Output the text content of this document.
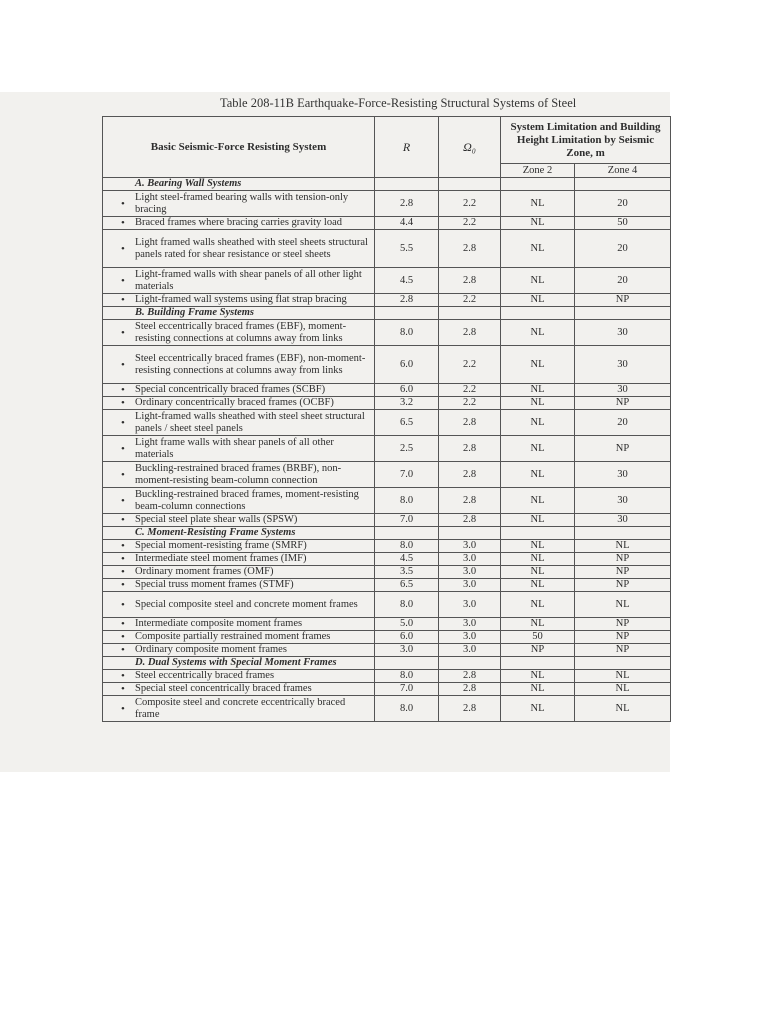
Table 208-11B Earthquake-Force-Resisting Structural Systems of Steel
Basic Seismic-Force Resisting System	R	Ω₀	System Limitation and Building Height Limitation by Seismic Zone, m	
			Zone 2	Zone 4
A. Bearing Wall Systems				
• Light steel-framed bearing walls with tension-only bracing	2.8	2.2	NL	20
• Braced frames where bracing carries gravity load	4.4	2.2	NL	50
• Light framed walls sheathed with steel sheets structural panels rated for shear resistance or steel sheets	5.5	2.8	NL	20
• Light-framed walls with shear panels of all other light materials	4.5	2.8	NL	20
• Light-framed wall systems using flat strap bracing	2.8	2.2	NL	NP
B. Building Frame Systems				
• Steel eccentrically braced frames (EBF), moment-resisting connections at columns away from links	8.0	2.8	NL	30
• Steel eccentrically braced frames (EBF), non-moment-resisting connections at columns away from links	6.0	2.2	NL	30
• Special concentrically braced frames (SCBF)	6.0	2.2	NL	30
• Ordinary concentrically braced frames (OCBF)	3.2	2.2	NL	NP
• Light-framed walls sheathed with steel sheet structural panels / sheet steel panels	6.5	2.8	NL	20
• Light frame walls with shear panels of all other materials	2.5	2.8	NL	NP
• Buckling-restrained braced frames (BRBF), non-moment-resisting beam-column connection	7.0	2.8	NL	30
• Buckling-restrained braced frames, moment-resisting beam-column connections	8.0	2.8	NL	30
• Special steel plate shear walls (SPSW)	7.0	2.8	NL	30
C. Moment-Resisting Frame Systems				
• Special moment-resisting frame (SMRF)	8.0	3.0	NL	NL
• Intermediate steel moment frames (IMF)	4.5	3.0	NL	NP
• Ordinary moment frames (OMF)	3.5	3.0	NL	NP
• Special truss moment frames (STMF)	6.5	3.0	NL	NP
• Special composite steel and concrete moment frames	8.0	3.0	NL	NL
• Intermediate composite moment frames	5.0	3.0	NL	NP
• Composite partially restrained moment frames	6.0	3.0	50	NP
• Ordinary composite moment frames	3.0	3.0	NP	NP
D. Dual Systems with Special Moment Frames				
• Steel eccentrically braced frames	8.0	2.8	NL	NL
• Special steel concentrically braced frames	7.0	2.8	NL	NL
• Composite steel and concrete eccentrically braced frame	8.0	2.8	NL	NL
